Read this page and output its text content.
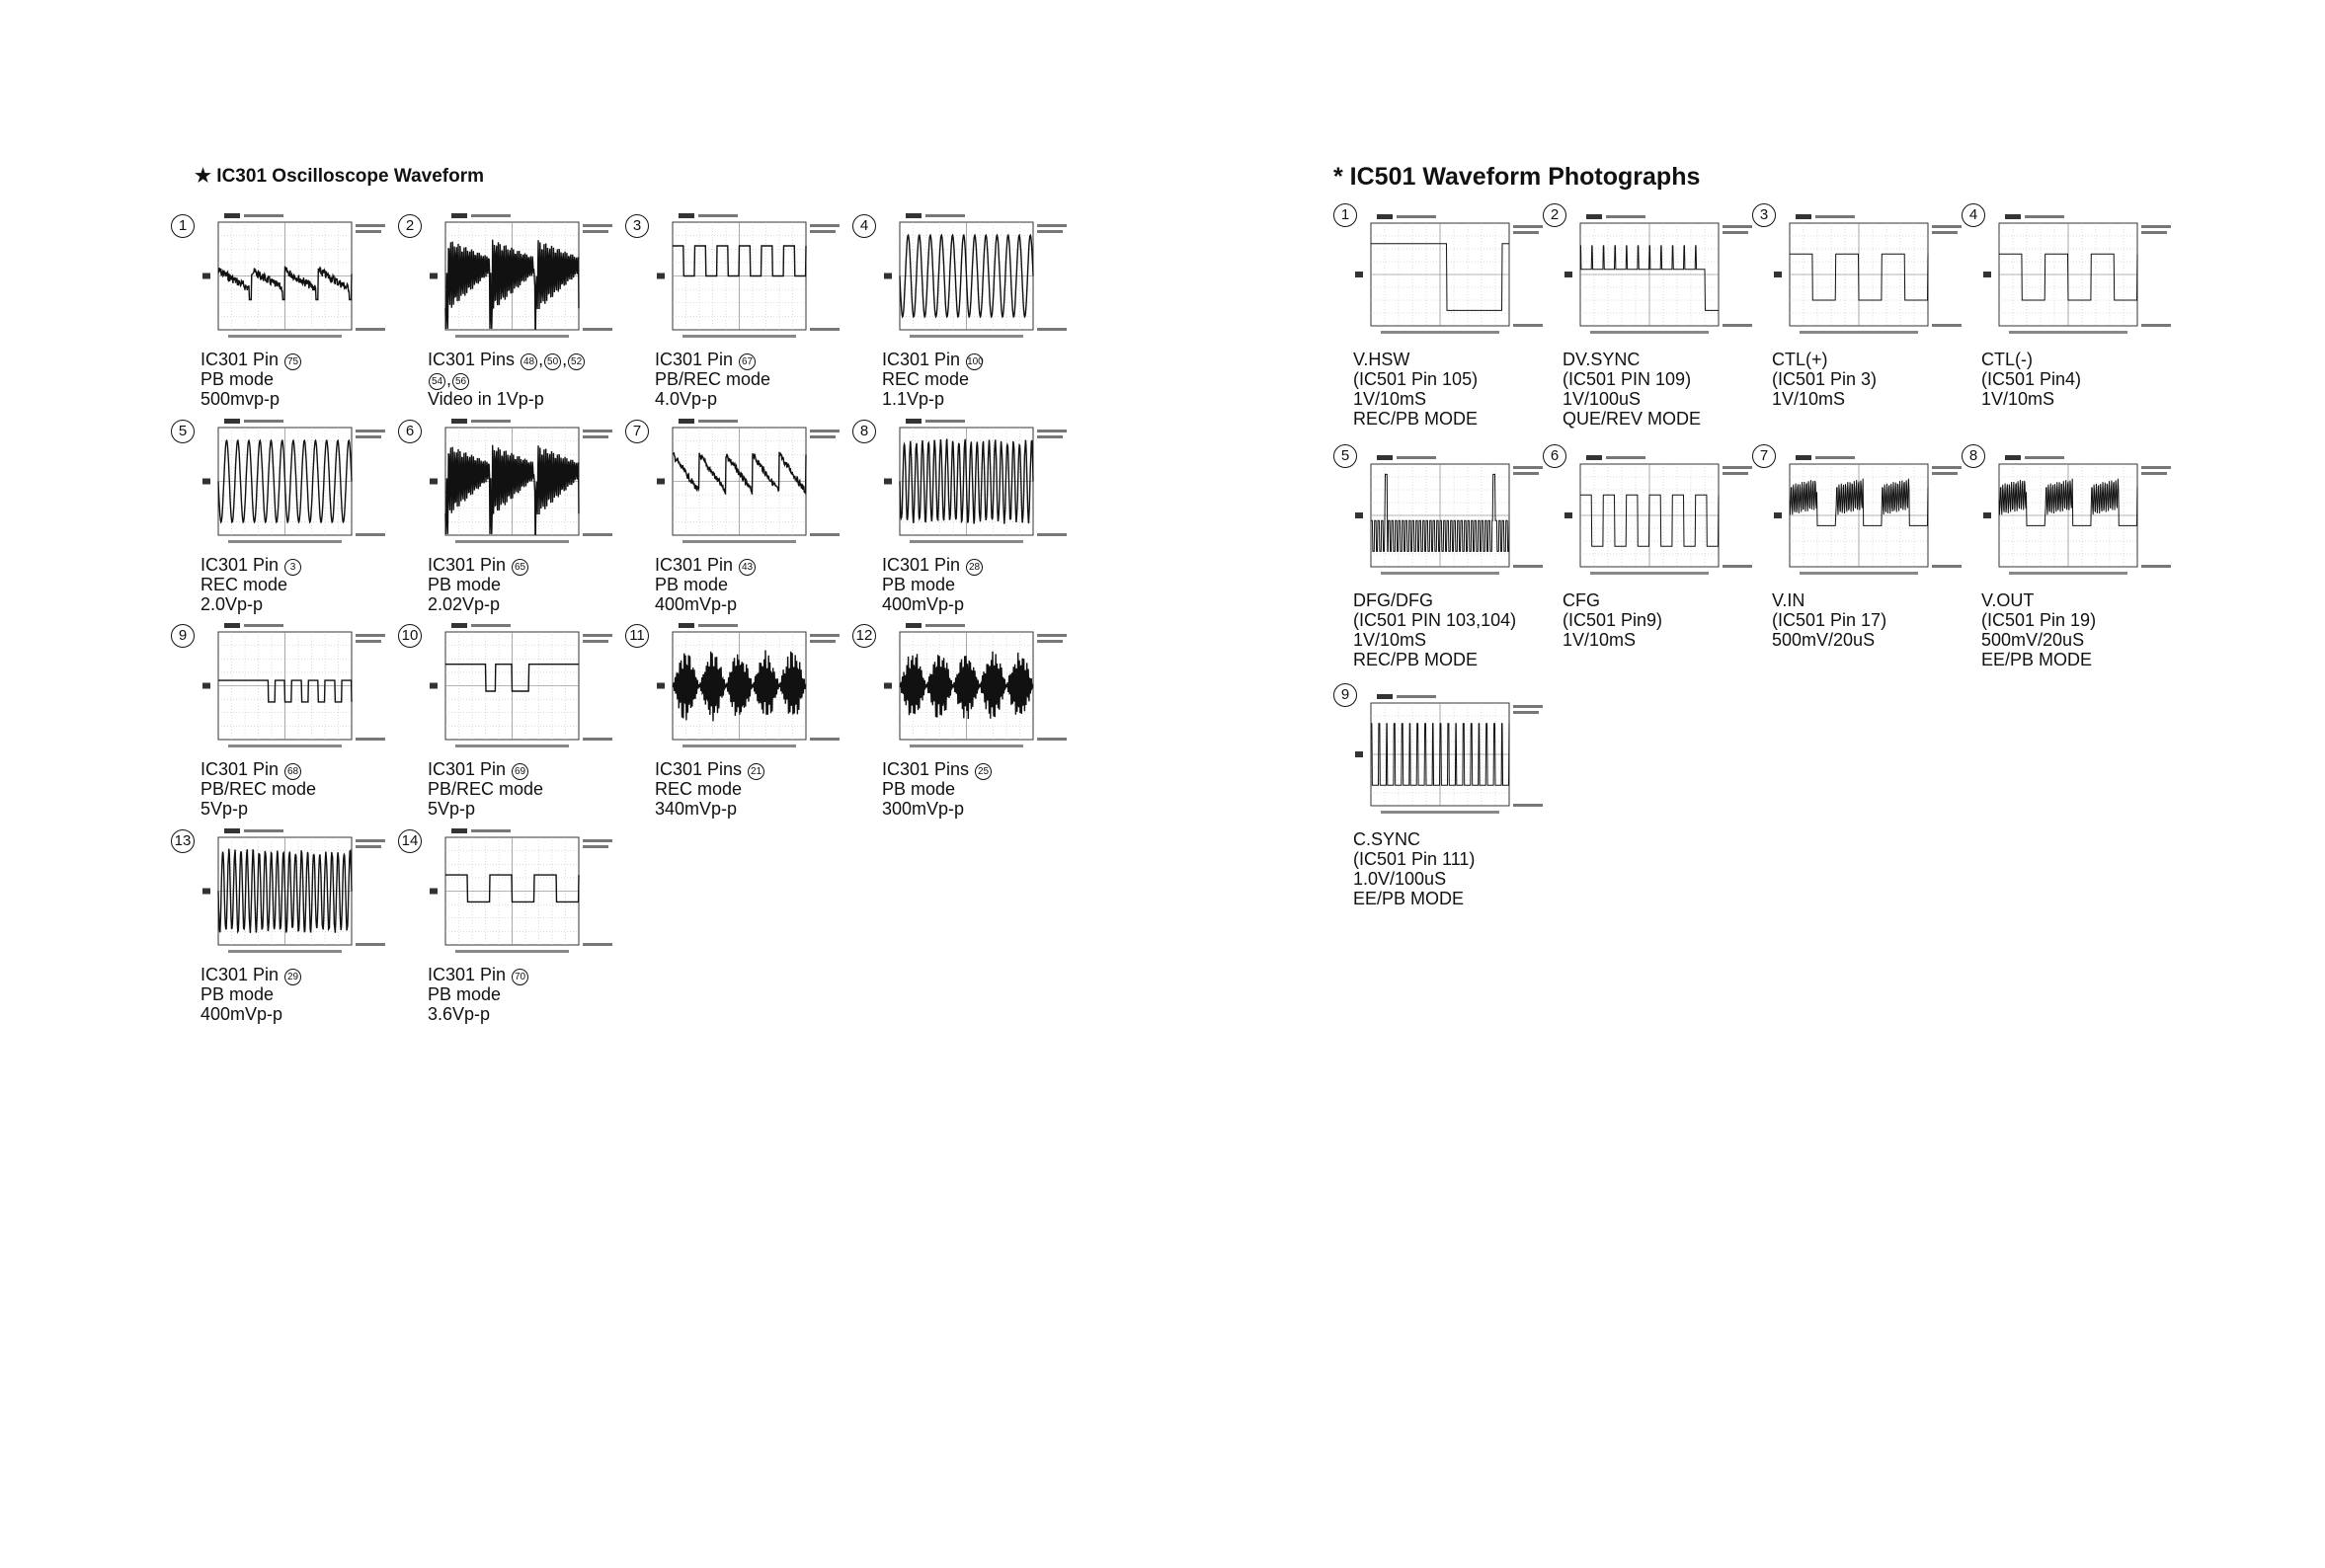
★ IC301 Oscilloscope Waveform	* IC501 Waveform Photographs
1
IC301 Pin 75
PB mode
500mvp-p
2
IC301 Pins 48 , 50 , 52
54 , 56
Video in 1Vp-p
3
IC301 Pin 67
PB/REC mode
4.0Vp-p
4
IC301 Pin 100
REC mode
1.1Vp-p
5
IC301 Pin 3
REC mode
2.0Vp-p
6
IC301 Pin 65
PB mode
2.02Vp-p
7
IC301 Pin 43
PB mode
400mVp-p
8
IC301 Pin 28
PB mode
400mVp-p
9
IC301 Pin 68
PB/REC mode
5Vp-p
10
IC301 Pin 69
PB/REC mode
5Vp-p
11
IC301 Pins 21
REC mode
340mVp-p
12
IC301 Pins 25
PB mode
300mVp-p
13
IC301 Pin 29
PB mode
400mVp-p
14
IC301 Pin 70
PB mode
3.6Vp-p
1
V.HSW
(IC501 Pin 105)
1V/10mS
REC/PB MODE
2
DV.SYNC
(IC501 PIN 109)
1V/100uS
QUE/REV MODE
3
CTL(+)
(IC501 Pin 3)
1V/10mS
4
CTL(-)
(IC501 Pin4)
1V/10mS
5
DFG/DFG
(IC501 PIN 103,104)
1V/10mS
REC/PB MODE
6
CFG
(IC501 Pin9)
1V/10mS
7
V.IN
(IC501 Pin 17)
500mV/20uS
8
V.OUT
(IC501 Pin 19)
500mV/20uS
EE/PB MODE
9
C.SYNC
(IC501 Pin 111)
1.0V/100uS
EE/PB MODE
